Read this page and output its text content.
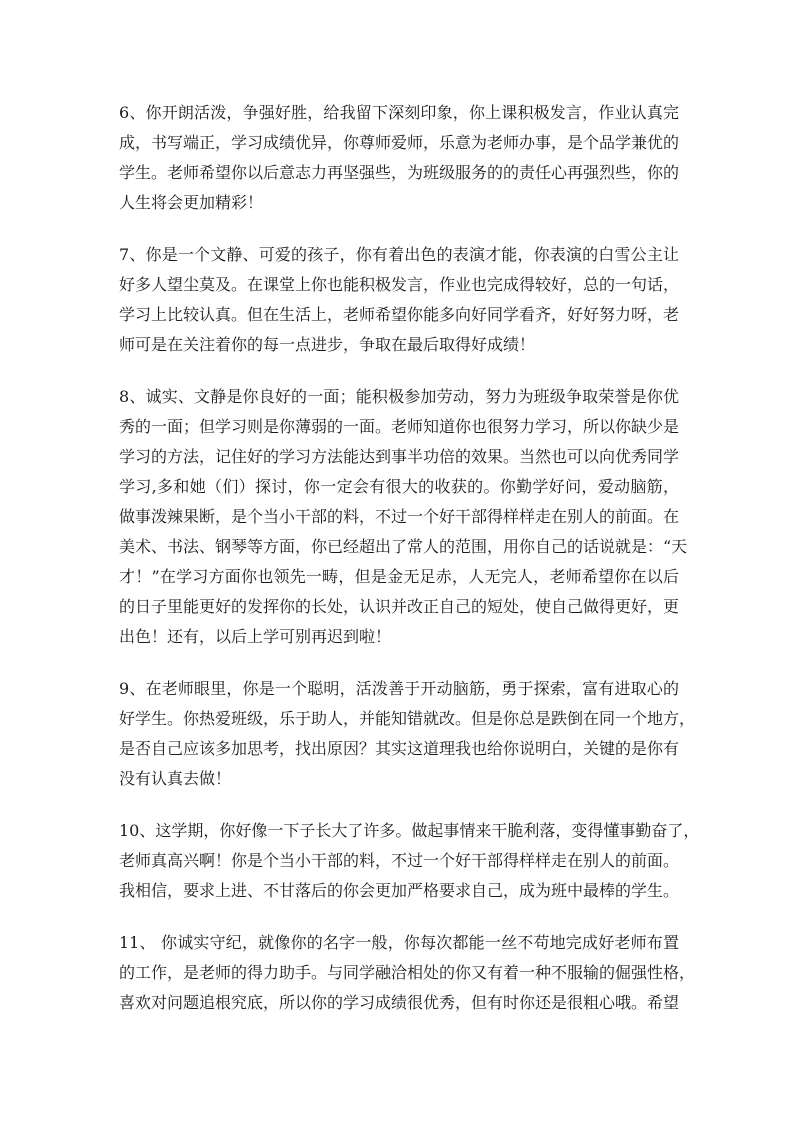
6、你开朗活泼，争强好胜，给我留下深刻印象，你上课积极发言，作业认真完
成，书写端正，学习成绩优异，你尊师爱师，乐意为老师办事，是个品学兼优的
学生。老师希望你以后意志力再坚强些，为班级服务的的责任心再强烈些，你的
人生将会更加精彩！
7、你是一个文静、可爱的孩子，你有着出色的表演才能，你表演的白雪公主让
好多人望尘莫及。在课堂上你也能积极发言，作业也完成得较好，总的一句话，
学习上比较认真。但在生活上，老师希望你能多向好同学看齐，好好努力呀，老
师可是在关注着你的每一点进步，争取在最后取得好成绩！
8、诚实、文静是你良好的一面；能积极参加劳动，努力为班级争取荣誉是你优
秀的一面；但学习则是你薄弱的一面。老师知道你也很努力学习，所以你缺少是
学习的方法，记住好的学习方法能达到事半功倍的效果。当然也可以向优秀同学
学习,多和她（们）探讨，你一定会有很大的收获的。你勤学好问，爱动脑筋，
做事泼辣果断，是个当小干部的料，不过一个好干部得样样走在别人的前面。在
美术、书法、钢琴等方面，你已经超出了常人的范围，用你自己的话说就是：“天
才！”在学习方面你也领先一畴，但是金无足赤，人无完人，老师希望你在以后
的日子里能更好的发挥你的长处，认识并改正自己的短处，使自己做得更好，更
出色！还有，以后上学可别再迟到啦！
9、在老师眼里，你是一个聪明，活泼善于开动脑筋，勇于探索，富有进取心的
好学生。你热爱班级，乐于助人，并能知错就改。但是你总是跌倒在同一个地方，
是否自己应该多加思考，找出原因？其实这道理我也给你说明白，关键的是你有
没有认真去做！
10、这学期，你好像一下子长大了许多。做起事情来干脆利落，变得懂事勤奋了，
老师真高兴啊！你是个当小干部的料，不过一个好干部得样样走在别人的前面。
我相信，要求上进、不甘落后的你会更加严格要求自己，成为班中最棒的学生。
11、 你诚实守纪，就像你的名字一般，你每次都能一丝不苟地完成好老师布置
的工作，是老师的得力助手。与同学融洽相处的你又有着一种不服输的倔强性格，
喜欢对问题追根究底，所以你的学习成绩很优秀，但有时你还是很粗心哦。希望
